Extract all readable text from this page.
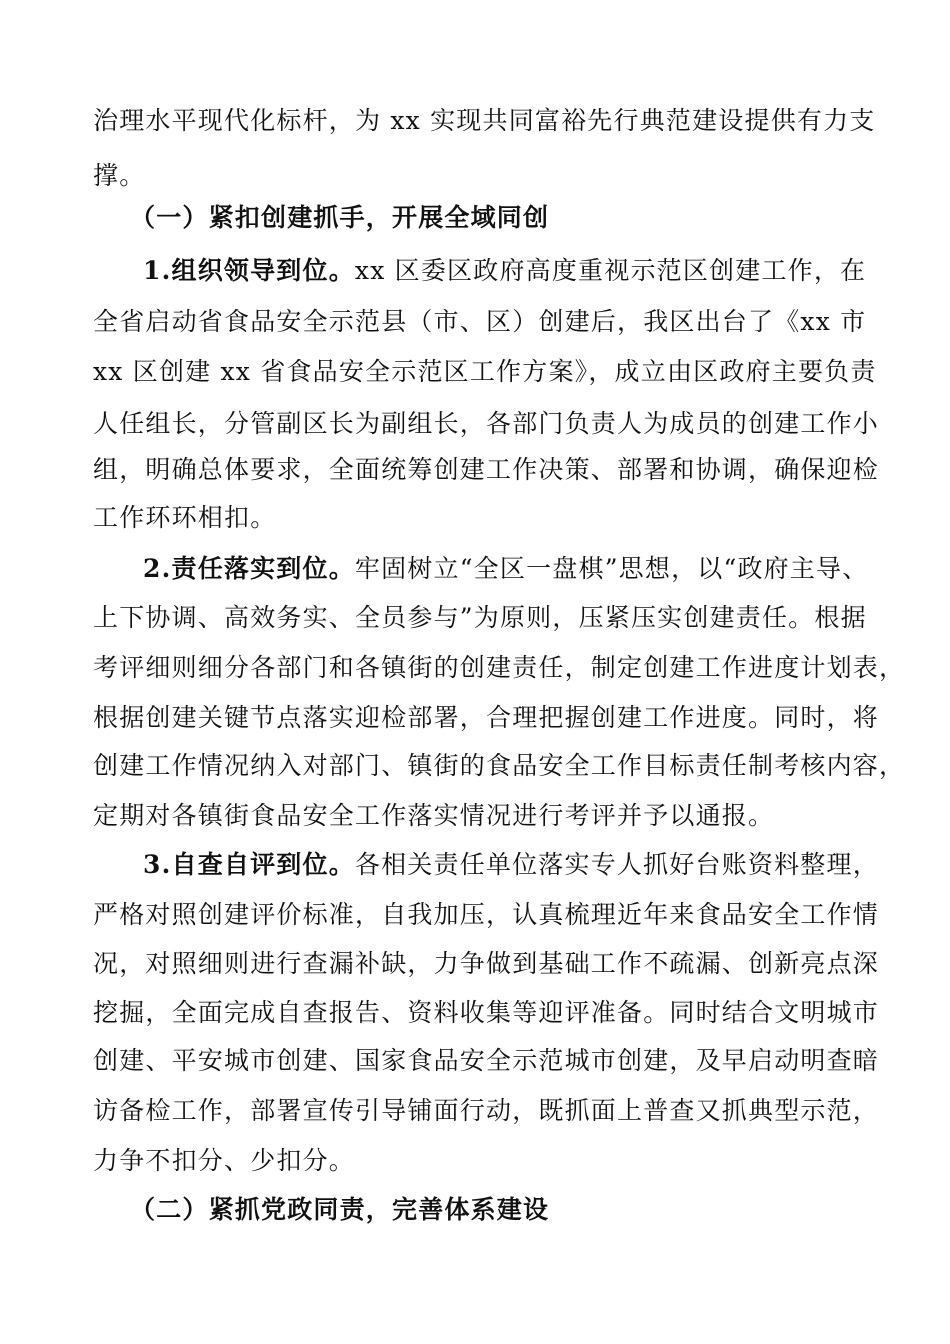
治理水平现代化标杆，为 xx 实现共同富裕先行典范建设提供有力支
撑。
（一）紧扣创建抓手，开展全域同创
1.组织领导到位。xx 区委区政府高度重视示范区创建工作，在
全省启动省食品安全示范县（市、区）创建后，我区出台了《xx 市
xx 区创建 xx 省食品安全示范区工作方案》，成立由区政府主要负责
人任组长，分管副区长为副组长，各部门负责人为成员的创建工作小
组，明确总体要求，全面统筹创建工作决策、部署和协调，确保迎检
工作环环相扣。
2.责任落实到位。牢固树立“全区一盘棋”思想，以“政府主导、
上下协调、高效务实、全员参与”为原则，压紧压实创建责任。根据
考评细则细分各部门和各镇街的创建责任，制定创建工作进度计划表，
根据创建关键节点落实迎检部署，合理把握创建工作进度。同时，将
创建工作情况纳入对部门、镇街的食品安全工作目标责任制考核内容，
定期对各镇街食品安全工作落实情况进行考评并予以通报。
3.自查自评到位。各相关责任单位落实专人抓好台账资料整理，
严格对照创建评价标准，自我加压，认真梳理近年来食品安全工作情
况，对照细则进行查漏补缺，力争做到基础工作不疏漏、创新亮点深
挖掘，全面完成自查报告、资料收集等迎评准备。同时结合文明城市
创建、平安城市创建、国家食品安全示范城市创建，及早启动明查暗
访备检工作，部署宣传引导铺面行动，既抓面上普查又抓典型示范，
力争不扣分、少扣分。
（二）紧抓党政同责，完善体系建设
